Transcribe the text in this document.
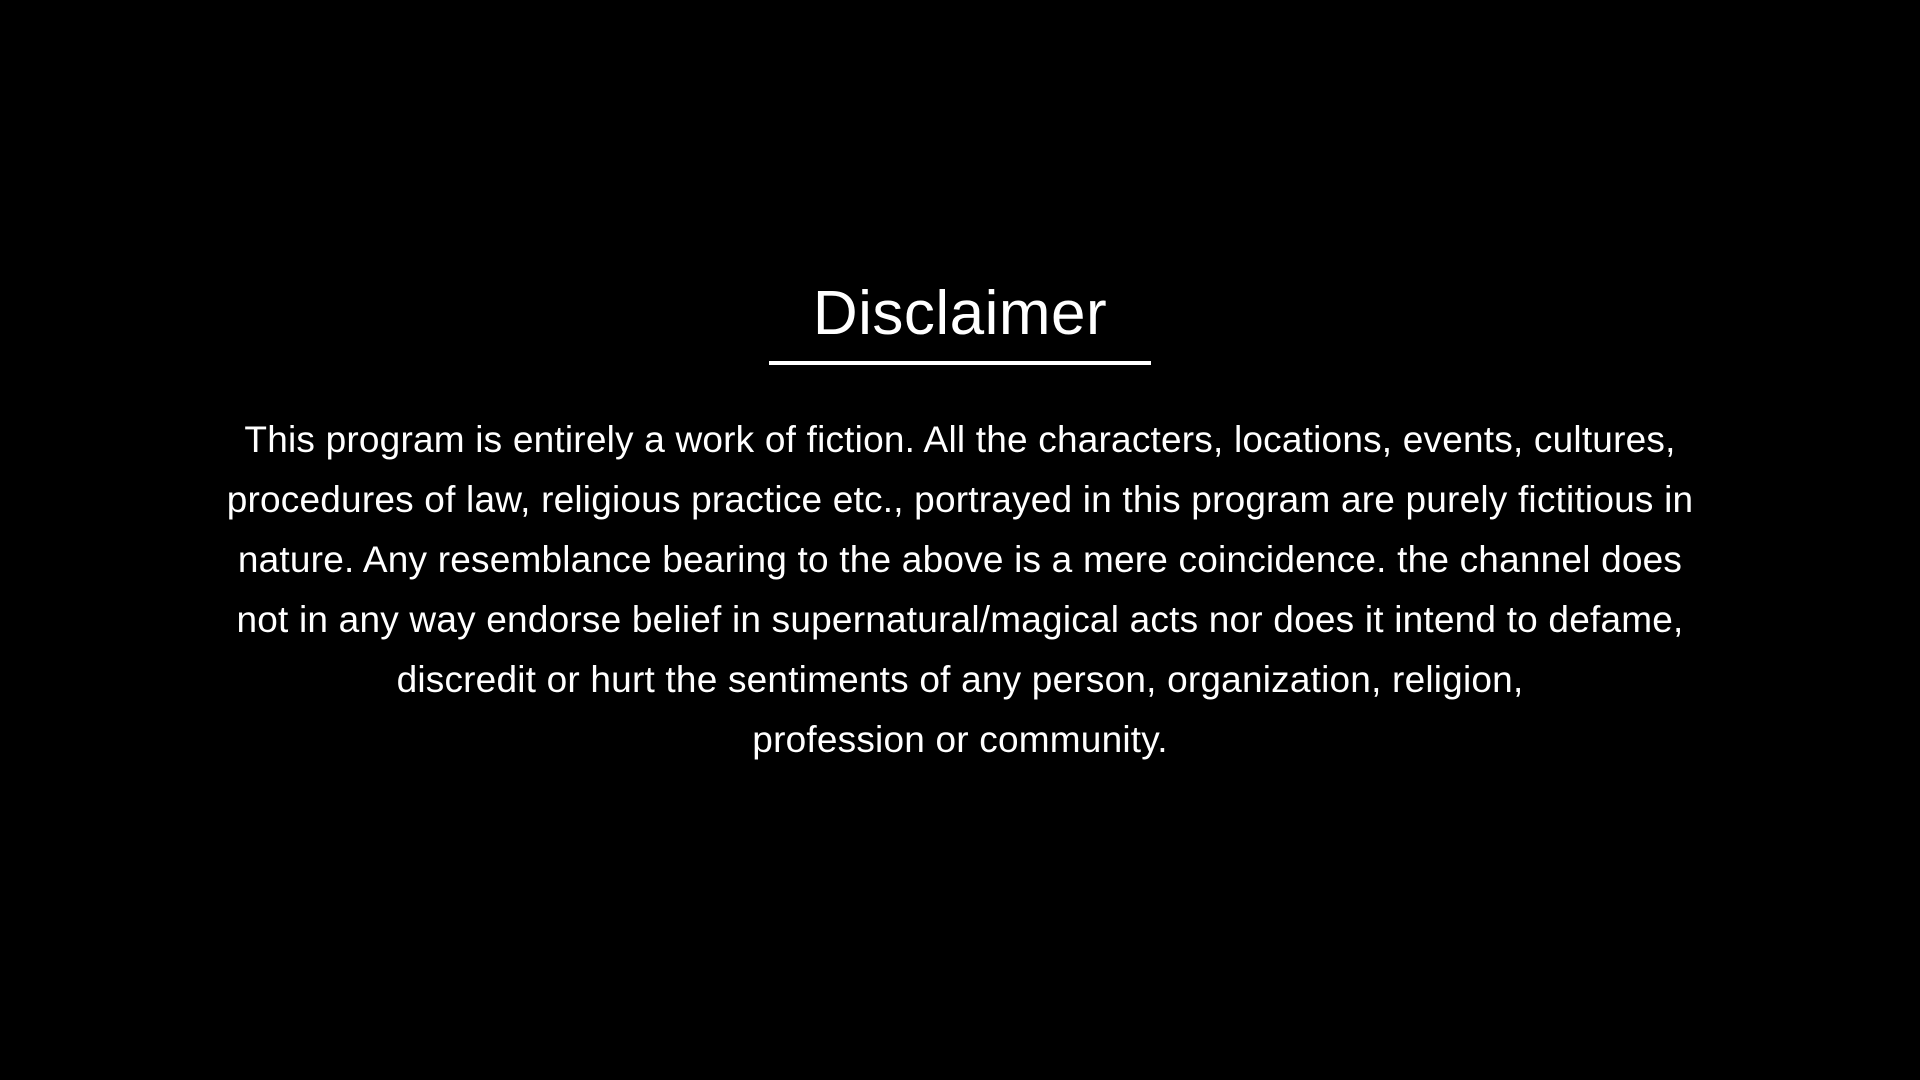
Disclaimer
This program is entirely a work of fiction. All the characters, locations, events, cultures,
procedures of law, religious practice etc., portrayed in this program are purely fictitious in
nature. Any resemblance bearing to the above is a mere coincidence. the channel does
not in any way endorse belief in supernatural/magical acts nor does it intend to defame,
discredit or hurt the sentiments of any person, organization, religion,
profession or community.
